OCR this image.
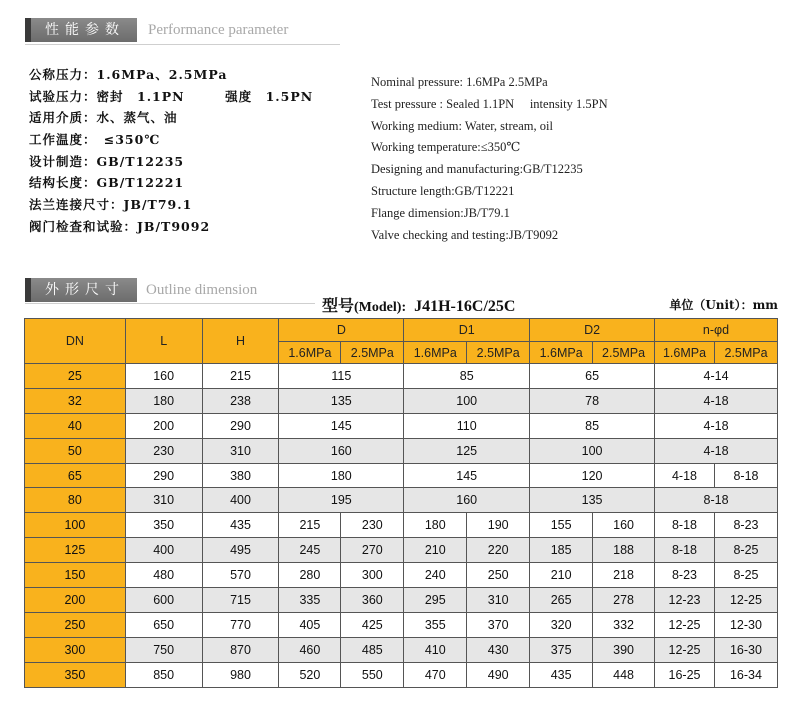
性能参数	Performance parameter
公称压力：1.6MPa、2.5MPa
试验压力：密封　1.1PN　　　强度　1.5PN
适用介质：水、蒸气、油
工作温度：　≤350℃
设计制造：GB/T12235
结构长度：GB/T12221
法兰连接尺寸：JB/T79.1
阀门检查和试验：JB/T9092
Nominal pressure: 1.6MPa 2.5MPa
Test pressure : Sealed 1.1PN     intensity 1.5PN
Working medium: Water, stream, oil
Working temperature:≤350℃
Designing and manufacturing:GB/T12235
Structure length:GB/T12221
Flange dimension:JB/T79.1
Valve checking and testing:JB/T9092
外形尺寸	Outline dimension
型号(Model): J41H-16C/25C	单位（Unit）：mm
DN	L	H	D		D1		D2		n-φd	
			1.6MPa	2.5MPa	1.6MPa	2.5MPa	1.6MPa	2.5MPa	1.6MPa	2.5MPa
25	160	215	115		85		65		4-14	
32	180	238	135		100		78		4-18	
40	200	290	145		110		85		4-18	
50	230	310	160		125		100		4-18	
65	290	380	180		145		120		4-18	8-18
80	310	400	195		160		135		8-18	
100	350	435	215	230	180	190	155	160	8-18	8-23
125	400	495	245	270	210	220	185	188	8-18	8-25
150	480	570	280	300	240	250	210	218	8-23	8-25
200	600	715	335	360	295	310	265	278	12-23	12-25
250	650	770	405	425	355	370	320	332	12-25	12-30
300	750	870	460	485	410	430	375	390	12-25	16-30
350	850	980	520	550	470	490	435	448	16-25	16-34
